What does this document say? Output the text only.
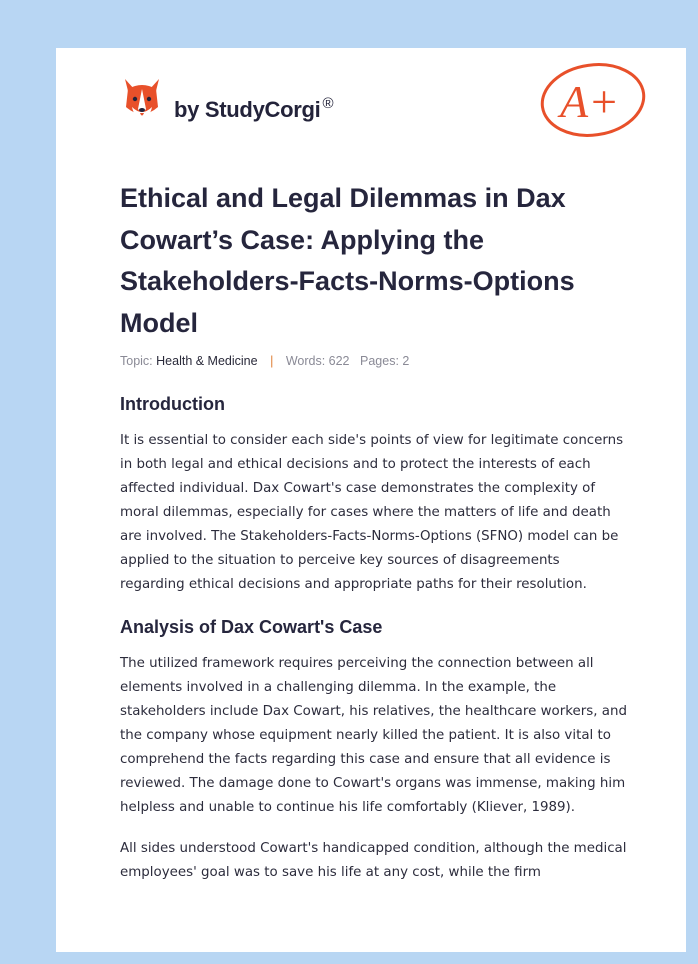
by StudyCorgi ®	A+
Ethical and Legal Dilemmas in Dax Cowart’s Case: Applying the Stakeholders-Facts-Norms-Options Model
Topic: Health & Medicine | Words: 622 Pages: 2
Introduction

It is essential to consider each side's points of view for legitimate concerns in both legal and ethical decisions and to protect the interests of each affected individual. Dax Cowart's case demonstrates the complexity of moral dilemmas, especially for cases where the matters of life and death are involved. The Stakeholders-Facts-Norms-Options (SFNO) model can be applied to the situation to perceive key sources of disagreements regarding ethical decisions and appropriate paths for their resolution.

Analysis of Dax Cowart's Case

The utilized framework requires perceiving the connection between all elements involved in a challenging dilemma. In the example, the stakeholders include Dax Cowart, his relatives, the healthcare workers, and the company whose equipment nearly killed the patient. It is also vital to comprehend the facts regarding this case and ensure that all evidence is reviewed. The damage done to Cowart's organs was immense, making him helpless and unable to continue his life comfortably (Kliever, 1989).

All sides understood Cowart's handicapped condition, although the medical employees' goal was to save his life at any cost, while the firm
